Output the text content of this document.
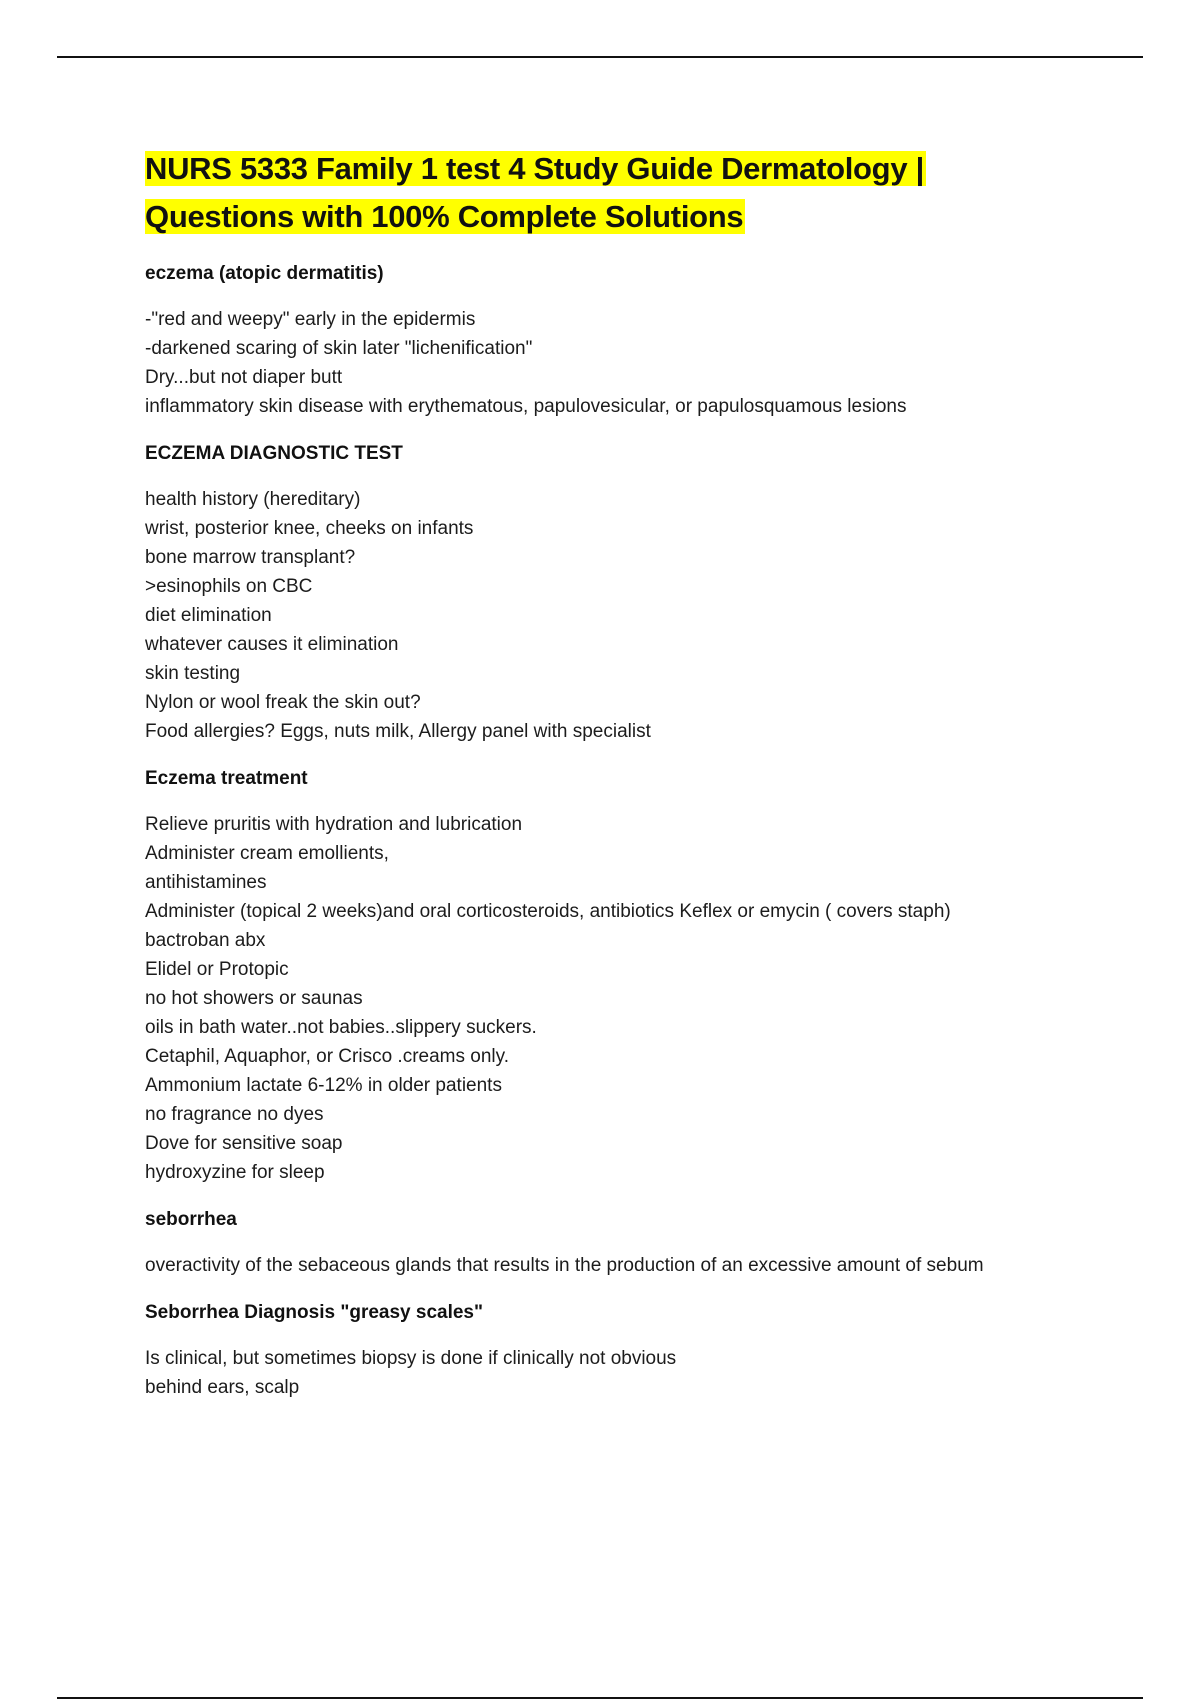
NURS 5333 Family 1 test 4 Study Guide Dermatology |
Questions with 100% Complete Solutions
eczema (atopic dermatitis)
-"red and weepy" early in the epidermis
-darkened scaring of skin later "lichenification"
Dry...but not diaper butt
inflammatory skin disease with erythematous, papulovesicular, or papulosquamous lesions
ECZEMA DIAGNOSTIC TEST
health history (hereditary)
wrist, posterior knee, cheeks on infants
bone marrow transplant?
>esinophils on CBC
diet elimination
whatever causes it elimination
skin testing
Nylon or wool freak the skin out?
Food allergies? Eggs, nuts milk, Allergy panel with specialist
Eczema treatment
Relieve pruritis with hydration and lubrication
Administer cream emollients,
antihistamines
Administer (topical 2 weeks)and oral corticosteroids, antibiotics Keflex or emycin ( covers staph)
bactroban abx
Elidel or Protopic
no hot showers or saunas
oils in bath water..not babies..slippery suckers.
Cetaphil, Aquaphor, or Crisco .creams only.
Ammonium lactate 6-12% in older patients
no fragrance no dyes
Dove for sensitive soap
hydroxyzine for sleep
seborrhea
overactivity of the sebaceous glands that results in the production of an excessive amount of sebum
Seborrhea Diagnosis "greasy scales"
Is clinical, but sometimes biopsy is done if clinically not obvious
behind ears, scalp
